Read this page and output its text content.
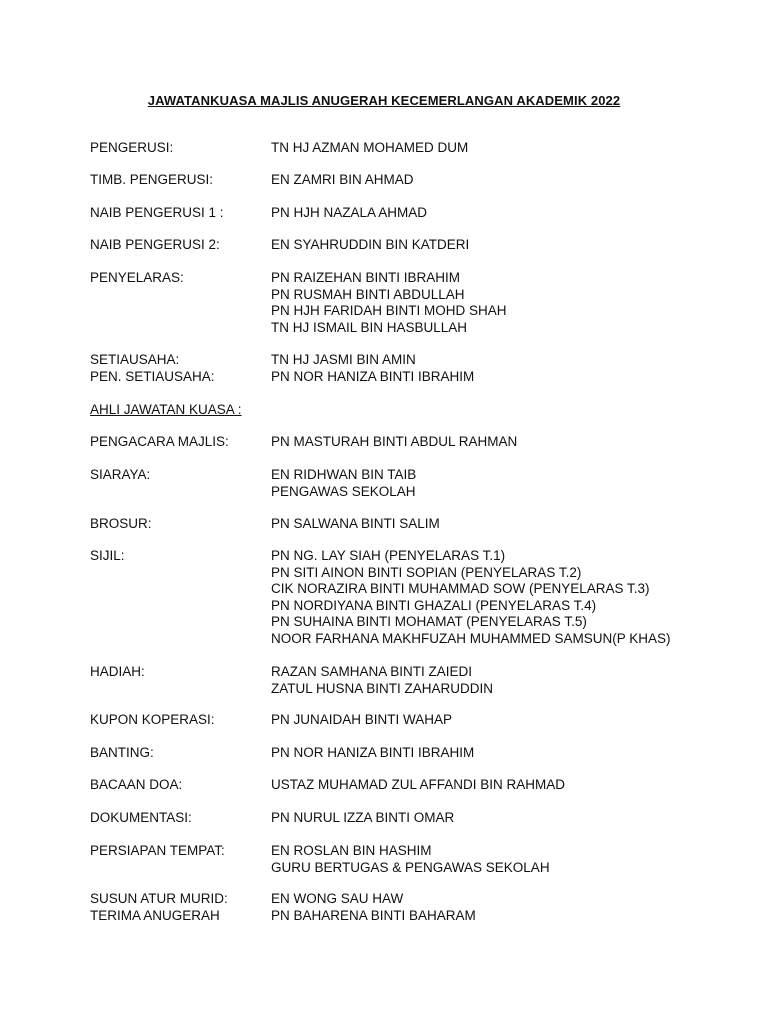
JAWATANKUASA MAJLIS ANUGERAH KECEMERLANGAN AKADEMIK 2022
PENGERUSI:	TN HJ AZMAN MOHAMED DUM
TIMB. PENGERUSI:	EN ZAMRI BIN AHMAD
NAIB PENGERUSI 1 :	PN HJH NAZALA AHMAD
NAIB PENGERUSI 2:	EN SYAHRUDDIN BIN KATDERI
PENYELARAS:	PN RAIZEHAN BINTI IBRAHIM
PN RUSMAH BINTI ABDULLAH
PN HJH FARIDAH BINTI MOHD SHAH
TN HJ ISMAIL BIN HASBULLAH
SETIAUSAHA:	TN HJ JASMI BIN AMIN
PEN. SETIAUSAHA:	PN NOR HANIZA BINTI IBRAHIM
AHLI JAWATAN KUASA :
PENGACARA MAJLIS:	PN MASTURAH BINTI ABDUL RAHMAN
SIARAYA:	EN RIDHWAN BIN TAIB
PENGAWAS SEKOLAH
BROSUR:	PN SALWANA BINTI SALIM
SIJIL:	PN NG. LAY SIAH (PENYELARAS T.1)
PN SITI AINON BINTI SOPIAN (PENYELARAS T.2)
CIK NORAZIRA BINTI MUHAMMAD SOW (PENYELARAS T.3)
PN NORDIYANA BINTI GHAZALI (PENYELARAS T.4)
PN SUHAINA BINTI MOHAMAT (PENYELARAS T.5)
NOOR FARHANA MAKHFUZAH MUHAMMED SAMSUN(P KHAS)
HADIAH:	RAZAN SAMHANA BINTI ZAIEDI
ZATUL HUSNA BINTI ZAHARUDDIN
KUPON KOPERASI:	PN JUNAIDAH BINTI WAHAP
BANTING:	PN NOR HANIZA BINTI IBRAHIM
BACAAN DOA:	USTAZ MUHAMAD ZUL AFFANDI BIN RAHMAD
DOKUMENTASI:	PN NURUL IZZA BINTI OMAR
PERSIAPAN TEMPAT:	EN ROSLAN BIN HASHIM
GURU BERTUGAS & PENGAWAS SEKOLAH
SUSUN ATUR MURID:	EN WONG SAU HAW
TERIMA ANUGERAH	PN BAHARENA BINTI BAHARAM
